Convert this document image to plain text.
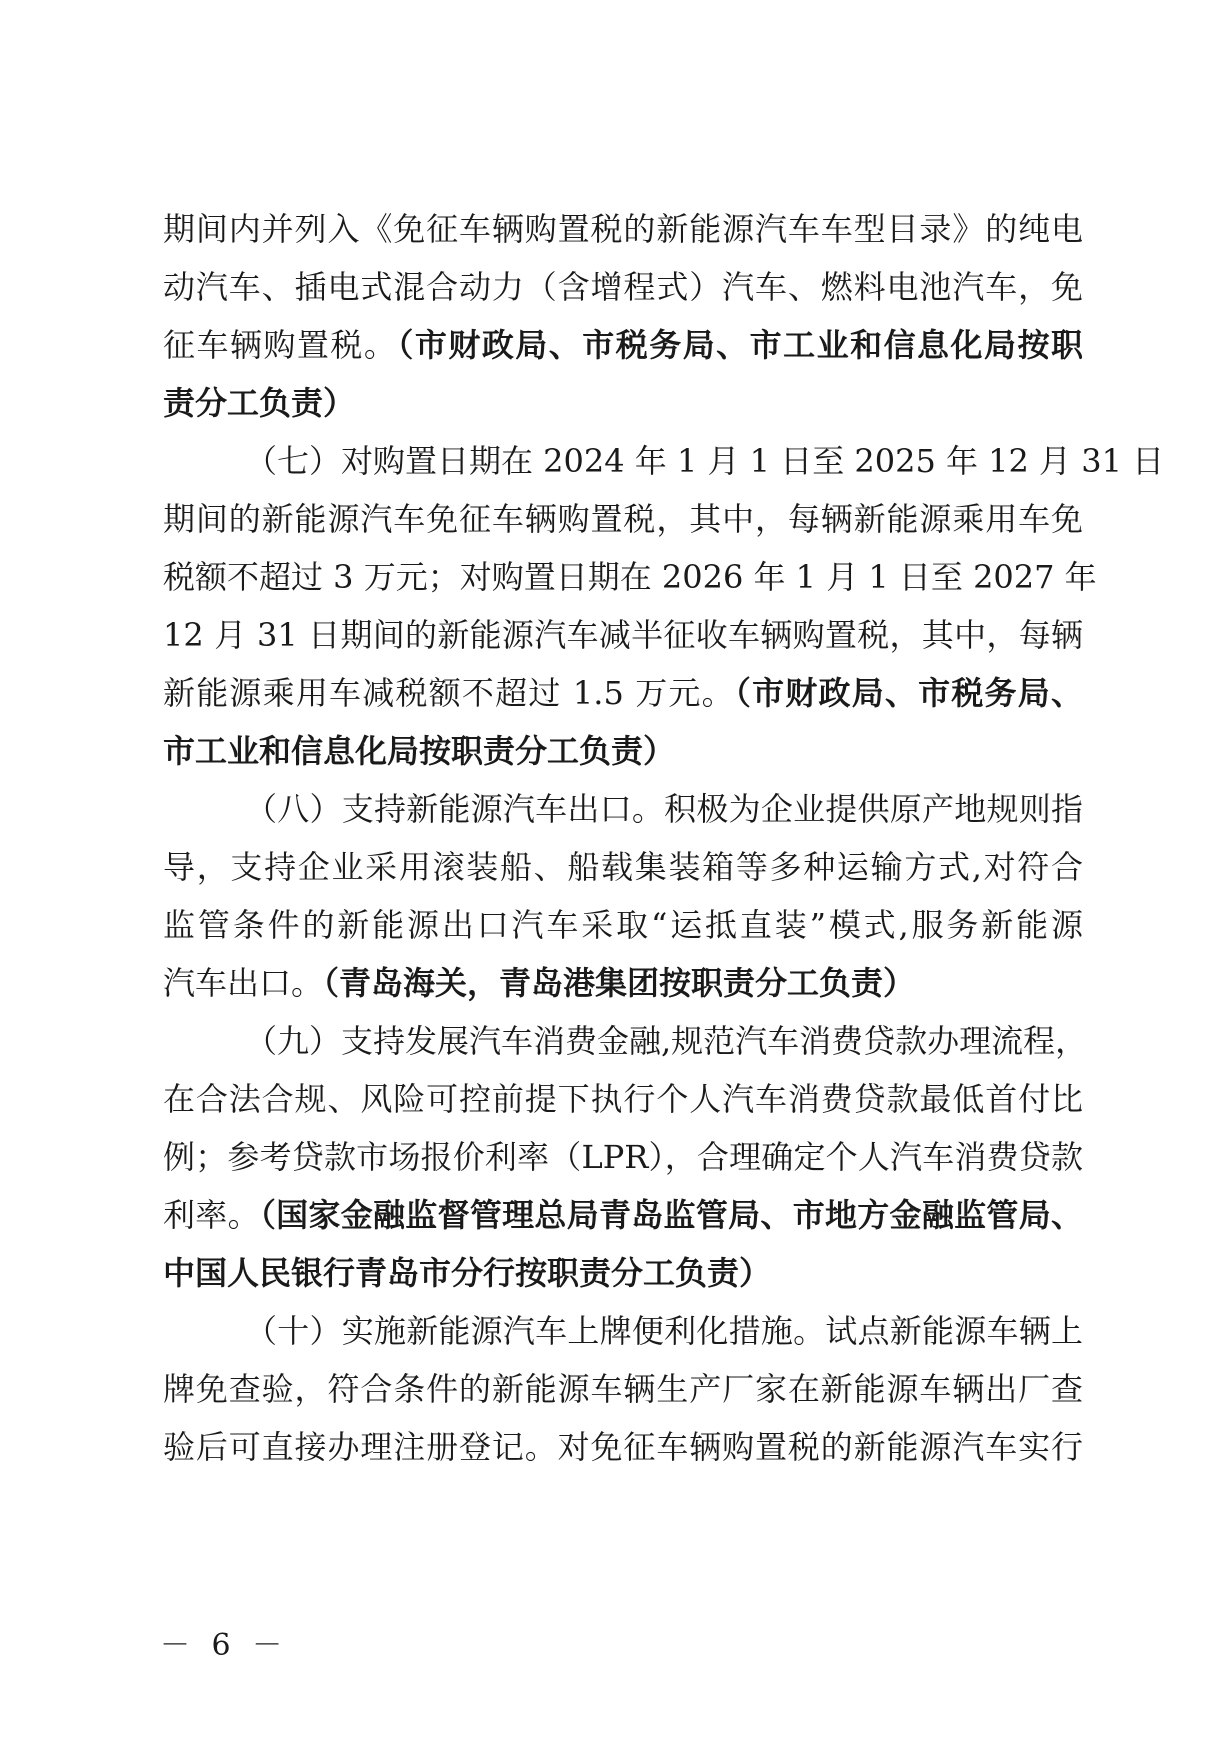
期间内并列入《免征车辆购置税的新能源汽车车型目录》的纯电
动汽车、插电式混合动力（含增程式）汽车、燃料电池汽车，免
征车辆购置税。（市财政局、市税务局、市工业和信息化局按职
责分工负责）
（七）对购置日期在 2024 年 1 月 1 日至 2025 年 12 月 31 日
期间的新能源汽车免征车辆购置税，其中，每辆新能源乘用车免
税额不超过 3 万元；对购置日期在 2026 年 1 月 1 日至 2027 年
12 月 31 日期间的新能源汽车减半征收车辆购置税，其中，每辆
新能源乘用车减税额不超过 1.5 万元。（市财政局、市税务局、
市工业和信息化局按职责分工负责）
（八）支持新能源汽车出口。积极为企业提供原产地规则指
导，支持企业采用滚装船、船载集装箱等多种运输方式,对符合
监管条件的新能源出口汽车采取“运抵直装”模式,服务新能源
汽车出口。（青岛海关，青岛港集团按职责分工负责）
（九）支持发展汽车消费金融,规范汽车消费贷款办理流程，
在合法合规、风险可控前提下执行个人汽车消费贷款最低首付比
例；参考贷款市场报价利率（LPR），合理确定个人汽车消费贷款
利率。（国家金融监督管理总局青岛监管局、市地方金融监管局、
中国人民银行青岛市分行按职责分工负责）
（十）实施新能源汽车上牌便利化措施。试点新能源车辆上
牌免查验，符合条件的新能源车辆生产厂家在新能源车辆出厂查
验后可直接办理注册登记。对免征车辆购置税的新能源汽车实行
－ 6 －
